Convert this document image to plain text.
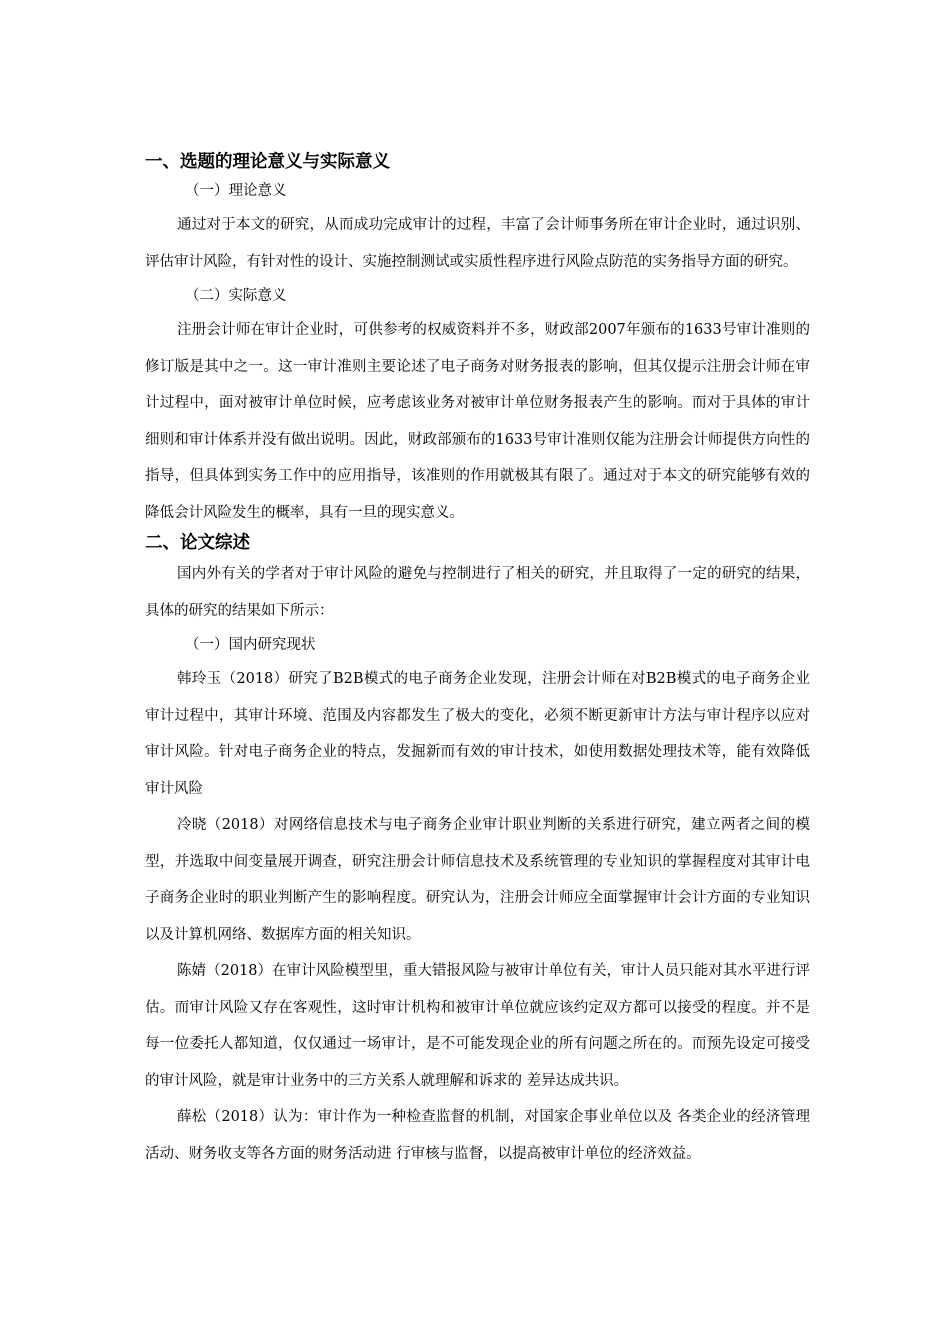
一、选题的理论意义与实际意义

（一）理论意义

通过对于本文的研究，从而成功完成审计的过程，丰富了会计师事务所在审计企业时，通过识别、评估审计风险，有针对性的设计、实施控制测试或实质性程序进行风险点防范的实务指导方面的研究。

（二）实际意义

注册会计师在审计企业时，可供参考的权威资料并不多，财政部2007年颁布的1633号审计准则的修订版是其中之一。这一审计准则主要论述了电子商务对财务报表的影响，但其仅提示注册会计师在审计过程中，面对被审计单位时候，应考虑该业务对被审计单位财务报表产生的影响。而对于具体的审计细则和审计体系并没有做出说明。因此，财政部颁布的1633号审计准则仅能为注册会计师提供方向性的指导，但具体到实务工作中的应用指导，该准则的作用就极其有限了。通过对于本文的研究能够有效的降低会计风险发生的概率，具有一旦的现实意义。

二、论文综述

国内外有关的学者对于审计风险的避免与控制进行了相关的研究，并且取得了一定的研究的结果，具体的研究的结果如下所示：

（一）国内研究现状

韩玲玉（2018）研究了B2B模式的电子商务企业发现，注册会计师在对B2B模式的电子商务企业审计过程中，其审计环境、范围及内容都发生了极大的变化，必须不断更新审计方法与审计程序以应对审计风险。针对电子商务企业的特点，发掘新而有效的审计技术，如使用数据处理技术等，能有效降低审计风险

冷晓（2018）对网络信息技术与电子商务企业审计职业判断的关系进行研究，建立两者之间的模型，并选取中间变量展开调查，研究注册会计师信息技术及系统管理的专业知识的掌握程度对其审计电子商务企业时的职业判断产生的影响程度。研究认为，注册会计师应全面掌握审计会计方面的专业知识以及计算机网络、数据库方面的相关知识。

陈婧（2018）在审计风险模型里，重大错报风险与被审计单位有关，审计人员只能对其水平进行评估。而审计风险又存在客观性，这时审计机构和被审计单位就应该约定双方都可以接受的程度。并不是每一位委托人都知道，仅仅通过一场审计，是不可能发现企业的所有问题之所在的。而预先设定可接受的审计风险，就是审计业务中的三方关系人就理解和诉求的 差异达成共识。

薛松（2018）认为：审计作为一种检查监督的机制，对国家企事业单位以及 各类企业的经济管理活动、财务收支等各方面的财务活动进 行审核与监督，以提高被审计单位的经济效益。
